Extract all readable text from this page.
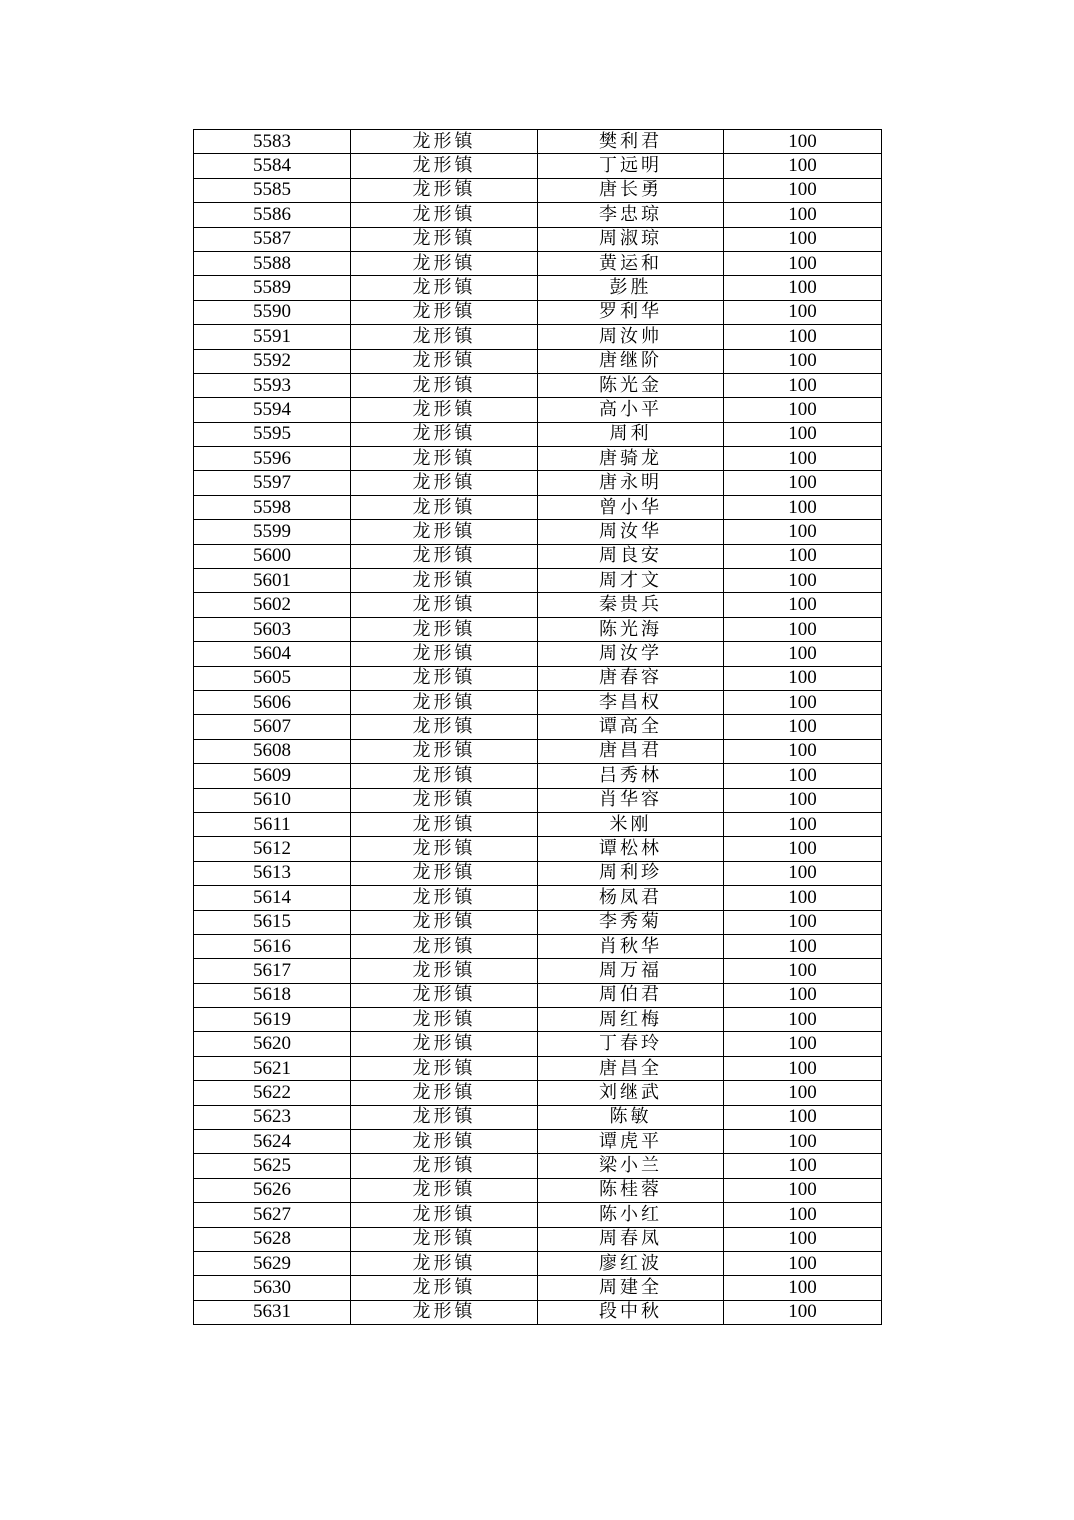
5583	龙形镇	樊利君	100
5584	龙形镇	丁远明	100
5585	龙形镇	唐长勇	100
5586	龙形镇	李忠琼	100
5587	龙形镇	周淑琼	100
5588	龙形镇	黄运和	100
5589	龙形镇	彭胜	100
5590	龙形镇	罗利华	100
5591	龙形镇	周汝帅	100
5592	龙形镇	唐继阶	100
5593	龙形镇	陈光金	100
5594	龙形镇	高小平	100
5595	龙形镇	周利	100
5596	龙形镇	唐骑龙	100
5597	龙形镇	唐永明	100
5598	龙形镇	曾小华	100
5599	龙形镇	周汝华	100
5600	龙形镇	周良安	100
5601	龙形镇	周才文	100
5602	龙形镇	秦贵兵	100
5603	龙形镇	陈光海	100
5604	龙形镇	周汝学	100
5605	龙形镇	唐春容	100
5606	龙形镇	李昌权	100
5607	龙形镇	谭高全	100
5608	龙形镇	唐昌君	100
5609	龙形镇	吕秀林	100
5610	龙形镇	肖华容	100
5611	龙形镇	米刚	100
5612	龙形镇	谭松林	100
5613	龙形镇	周利珍	100
5614	龙形镇	杨凤君	100
5615	龙形镇	李秀菊	100
5616	龙形镇	肖秋华	100
5617	龙形镇	周万福	100
5618	龙形镇	周伯君	100
5619	龙形镇	周红梅	100
5620	龙形镇	丁春玲	100
5621	龙形镇	唐昌全	100
5622	龙形镇	刘继武	100
5623	龙形镇	陈敏	100
5624	龙形镇	谭虎平	100
5625	龙形镇	梁小兰	100
5626	龙形镇	陈桂蓉	100
5627	龙形镇	陈小红	100
5628	龙形镇	周春凤	100
5629	龙形镇	廖红波	100
5630	龙形镇	周建全	100
5631	龙形镇	段中秋	100
